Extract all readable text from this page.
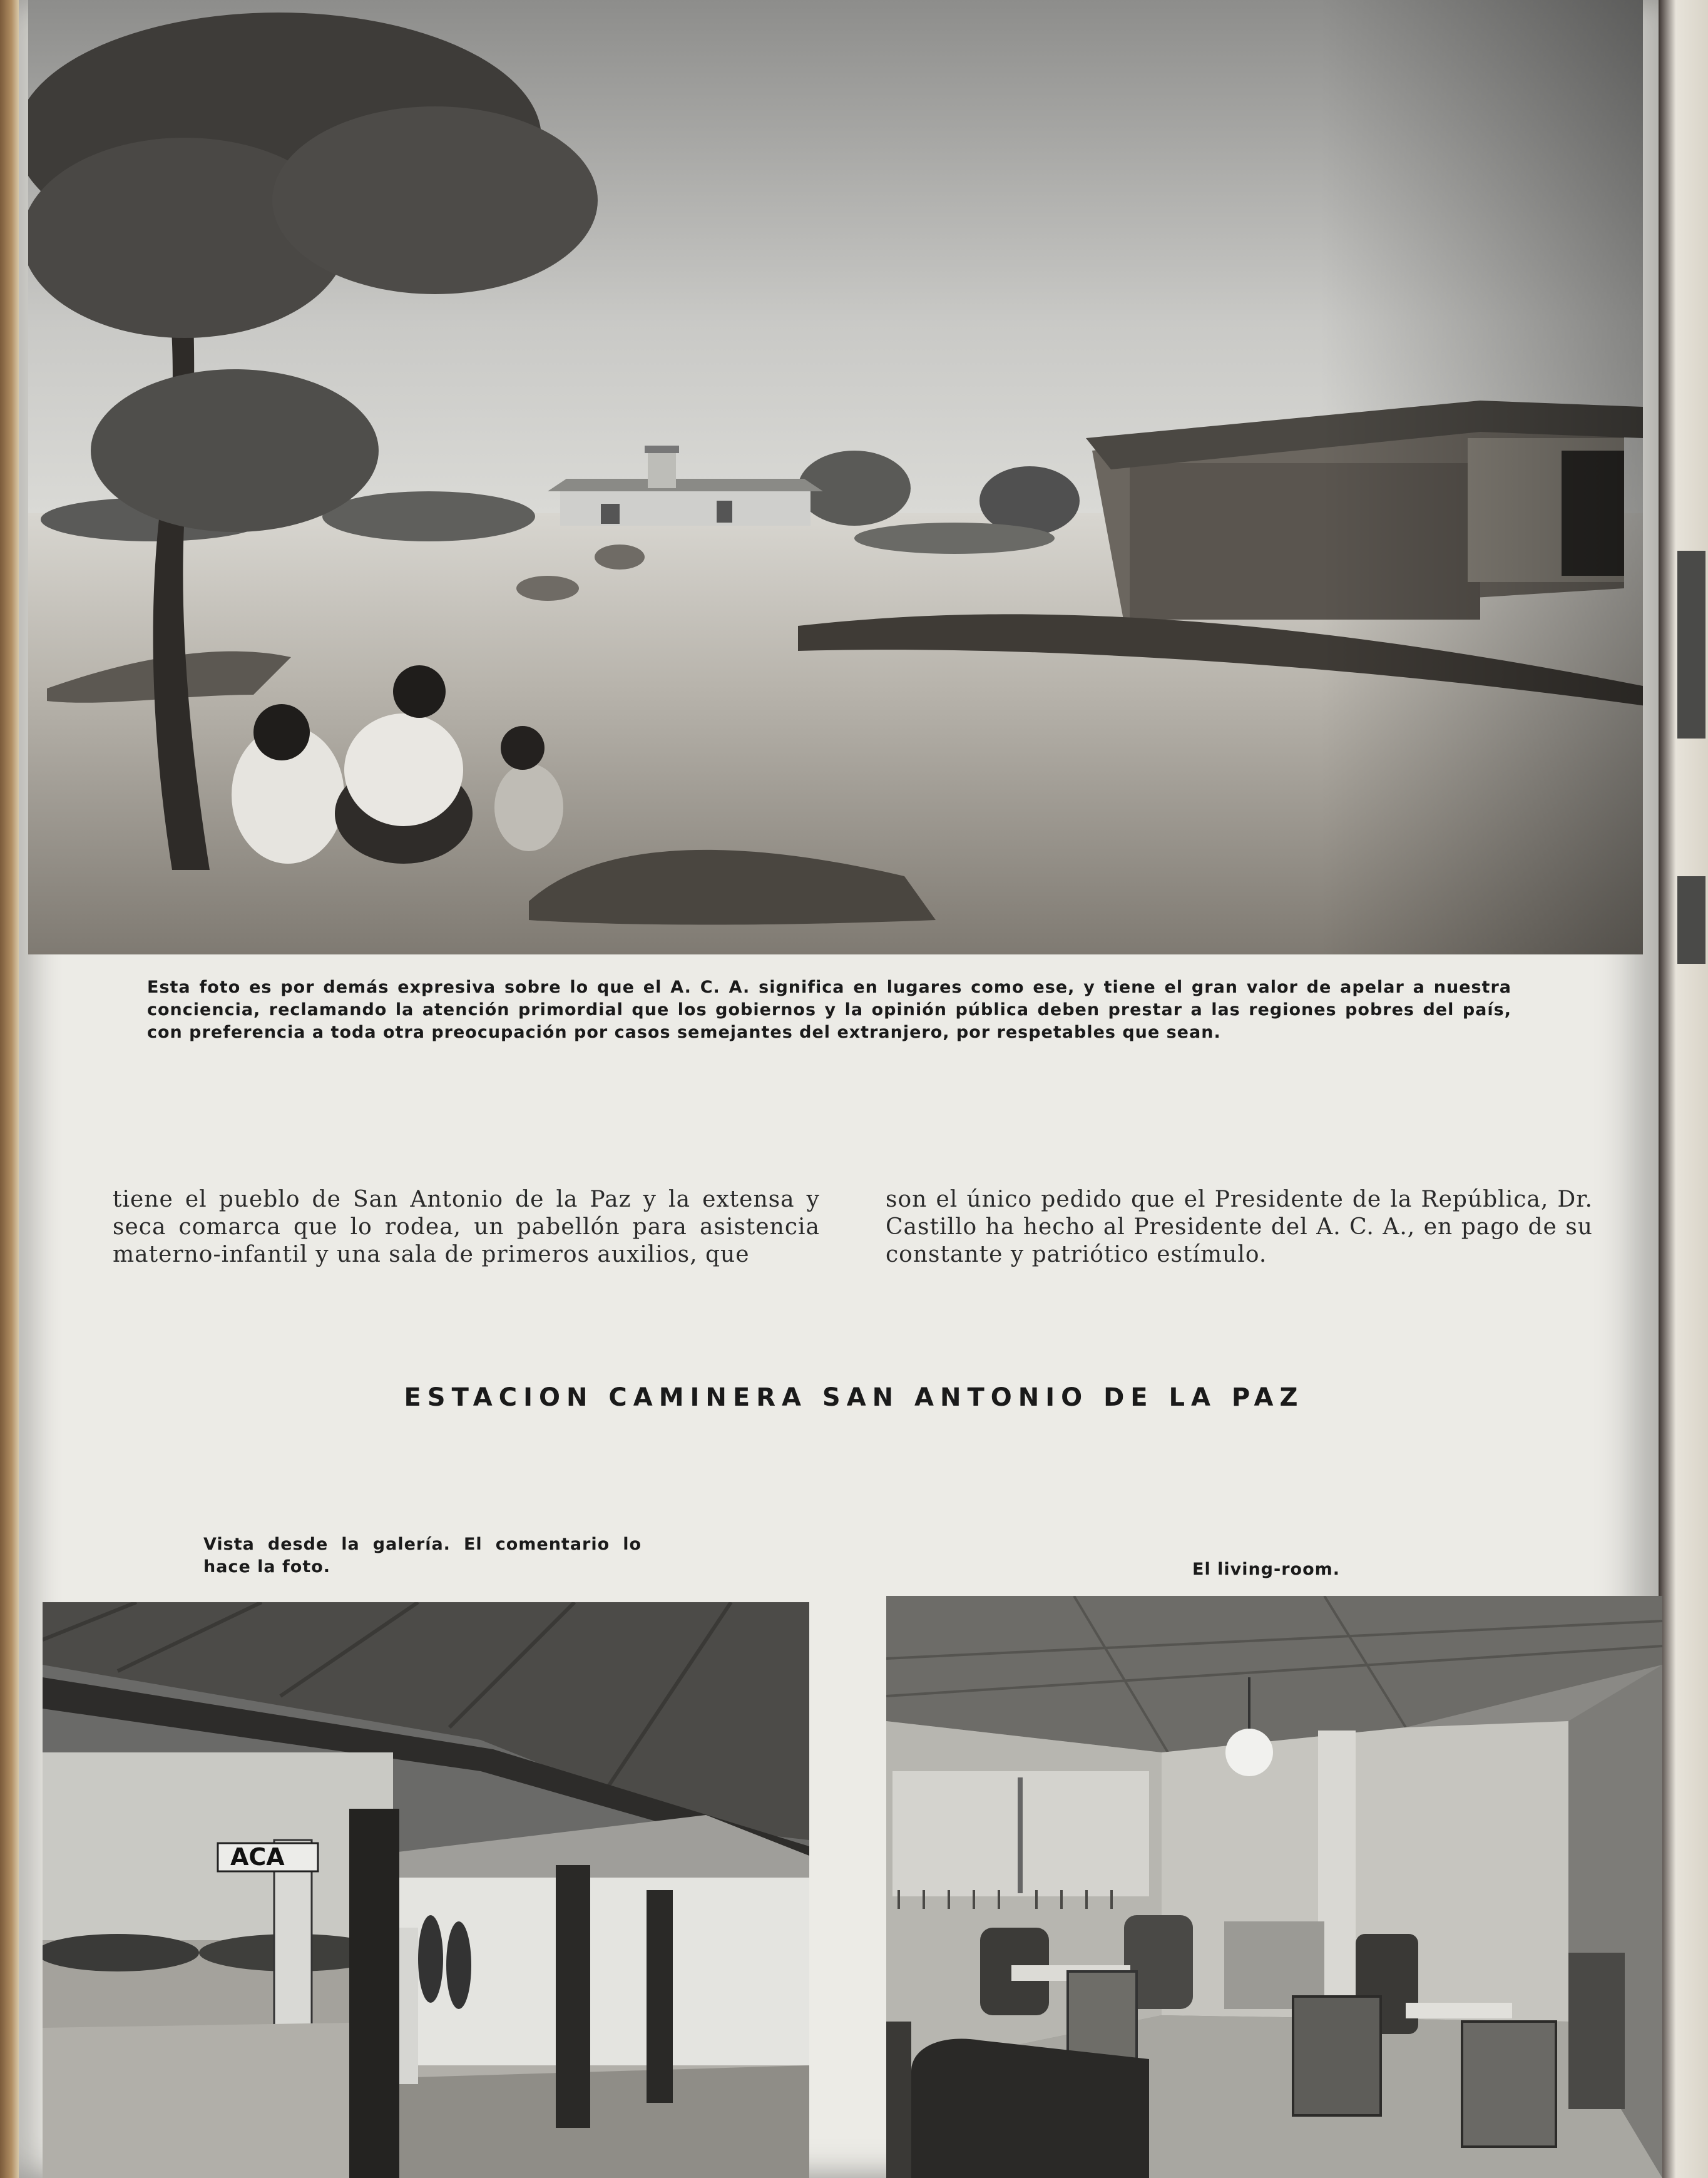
Esta foto es por demás expresiva sobre lo que el A. C. A. significa en lugares como ese, y tiene el gran valor de apelar a nuestra conciencia, reclamando la atención primordial que los gobiernos y la opinión pública deben prestar a las regiones pobres del país, con preferencia a toda otra preocupación por casos semejantes del extranjero, por respetables que sean.
tiene el pueblo de San Antonio de la Paz y la extensa y seca comarca que lo rodea, un pabellón para asistencia materno-infantil y una sala de primeros auxilios, que
son el único pedido que el Presidente de la República, Dr. Castillo ha hecho al Presidente del A. C. A., en pago de su constante y patriótico estímulo.
ESTACION CAMINERA SAN ANTONIO DE LA PAZ
Vista desde la galería. El comentario lo hace la foto.	El living-room.
ACA
